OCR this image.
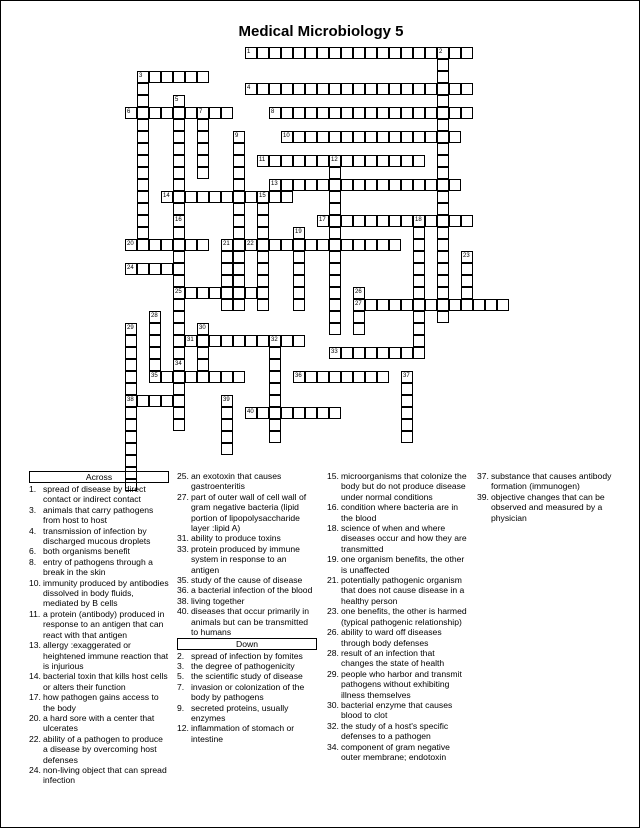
Medical Microbiology 5
1	2
3
4
5
16
6	7	8
9	10
11	12
13
14	15
25
17	18
19
20	21	22
23
24
26
27
28
35
29
38
30
31	32
33
34
36	37
39
40
Across
1. spread of disease by direct contact or indirect contact
3. animals that carry pathogens from host to host
4. transmission of infection by discharged mucous droplets
6. both organisms benefit
8. entry of pathogens through a break in the skin
10. immunity produced by antibodies dissolved in body fluids, mediated by B cells
11. a protein (antibody) produced in response to an antigen that can react with that antigen
13. allergy :exaggerated or heightened immune reaction that is injurious
14. bacterial toxin that kills host cells or alters their function
17. how pathogen gains access to the body
20. a hard sore with a center that ulcerates
22. ability of a pathogen to produce a disease by overcoming host defenses
24. non-living object that can spread infection
25. an exotoxin that causes gastroenteritis
27. part of outer wall of cell wall of gram negative bacteria (lipid portion of lipopolysaccharide layer :lipid A)
31. ability to produce toxins
33. protein produced by immune system in response to an antigen
35. study of the cause of disease
36. a bacterial infection of the blood
38. living together
40. diseases that occur primarily in animals but can be transmitted to humans
Down
2. spread of infection by fomites
3. the degree of pathogenicity
5. the scientific study of disease
7. invasion or colonization of the body by pathogens
9. secreted proteins, usually enzymes
12. inflammation of stomach or intestine
15. microorganisms that colonize the body but do not produce disease under normal conditions
16. condition where bacteria are in the blood
18. science of when and where diseases occur and how they are transmitted
19. one organism benefits, the other is unaffected
21. potentially pathogenic organism that does not cause disease in a healthy person
23. one benefits, the other is harmed (typical pathogenic relationship)
26. ability to ward off diseases through body defenses
28. result of an infection that changes the state of health
29. people who harbor and transmit pathogens without exhibiting illness themselves
30. bacterial enzyme that causes blood to clot
32. the study of a host's specific defenses to a pathogen
34. component of gram negative outer membrane; endotoxin
37. substance that causes antibody formation (immunogen)
39. objective changes that can be observed and measured by a physician
